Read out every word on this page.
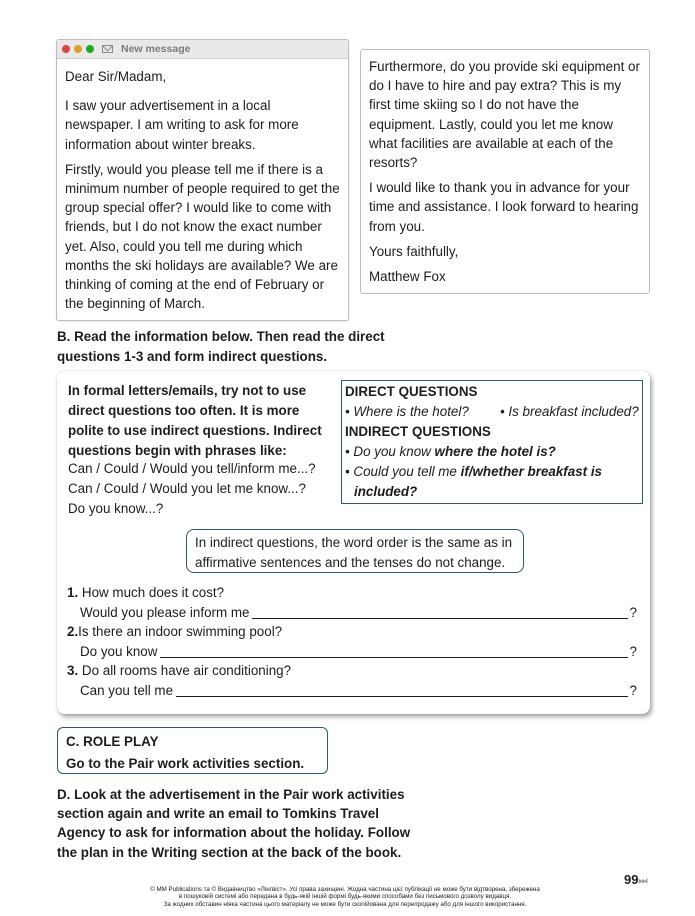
New message

Dear Sir/Madam,

I saw your advertisement in a local newspaper. I am writing to ask for more information about winter breaks.

Firstly, would you please tell me if there is a minimum number of people required to get the group special offer? I would like to come with friends, but I do not know the exact number yet. Also, could you tell me during which months the ski holidays are available? We are thinking of coming at the end of February or the beginning of March.

Furthermore, do you provide ski equipment or do I have to hire and pay extra? This is my first time skiing so I do not have the equipment. Lastly, could you let me know what facilities are available at each of the resorts?

I would like to thank you in advance for your time and assistance. I look forward to hearing from you.

Yours faithfully,

Matthew Fox

B. Read the information below. Then read the direct questions 1-3 and form indirect questions.
In formal letters/emails, try not to use direct questions too often. It is more polite to use indirect questions. Indirect questions begin with phrases like:
Can / Could / Would you tell/inform me...?
Can / Could / Would you let me know...?
Do you know...?
DIRECT QUESTIONS
• Where is the hotel? • Is breakfast included?
INDIRECT QUESTIONS
• Do you know where the hotel is?
• Could you tell me if/whether breakfast is
included?
In indirect questions, the word order is the same as in affirmative sentences and the tenses do not change.
1. How much does it cost?
Would you please inform me	?
2.Is there an indoor swimming pool?
Do you know	?
3. Do all rooms have air conditioning?
Can you tell me	?
C. ROLE PLAY
Go to the Pair work activities section.
D. Look at the advertisement in the Pair work activities section again and write an email to Tomkins Travel Agency to ask for information about the holiday. Follow the plan in the Writing section at the back of the book.
99⏭
© MM Publications та © Видавництво «Лінгвіст». Усі права захищені. Жодна частина цієї публікації не може бути відтворена, збережена
в пошуковій системі або передана в будь-якій іншій формі будь-якими способами без письмового дозволу видавця.
За жодних обставин ніяка частина цього матеріалу не може бути скопійована для перепродажу або для іншого використання.
